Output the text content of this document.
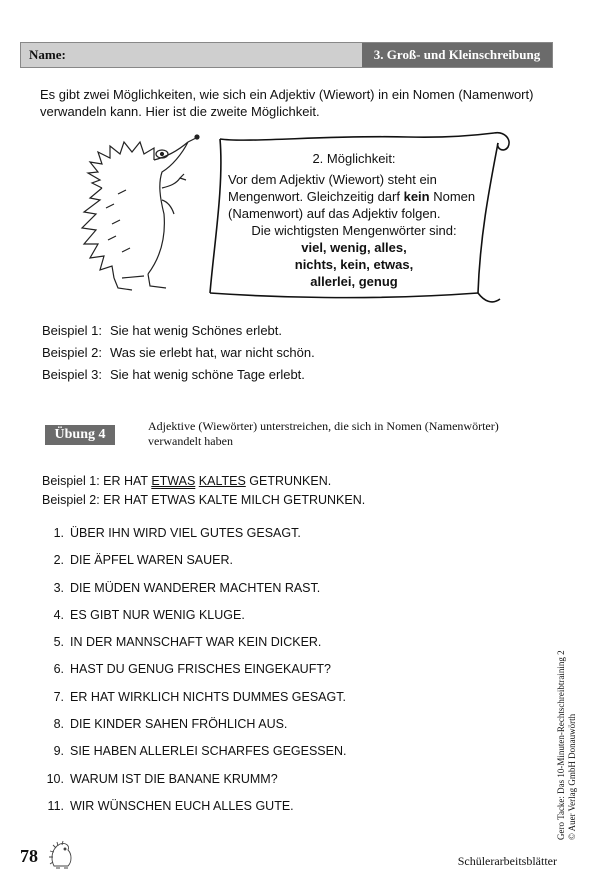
Name:	3. Groß- und Kleinschreibung
Es gibt zwei Möglichkeiten, wie sich ein Adjektiv (Wiewort) in ein Nomen (Namenwort) verwandeln kann. Hier ist die zweite Möglichkeit.
2. Möglichkeit:
Vor dem Adjektiv (Wiewort) steht ein Mengenwort. Gleichzeitig darf kein Nomen (Namenwort) auf das Adjektiv folgen.
Die wichtigsten Mengenwörter sind:
viel, wenig, alles,
nichts, kein, etwas,
allerlei, genug
Beispiel 1: Sie hat wenig Schönes erlebt.
Beispiel 2: Was sie erlebt hat, war nicht schön.
Beispiel 3: Sie hat wenig schöne Tage erlebt.
Übung 4
Adjektive (Wiewörter) unterstreichen, die sich in Nomen (Namenwörter) verwandelt haben
Beispiel 1: ER HAT ETWAS KALTES GETRUNKEN.
Beispiel 2: ER HAT ETWAS KALTE MILCH GETRUNKEN.
1. ÜBER IHN WIRD VIEL GUTES GESAGT.
2. DIE ÄPFEL WAREN SAUER.
3. DIE MÜDEN WANDERER MACHTEN RAST.
4. ES GIBT NUR WENIG KLUGE.
5. IN DER MANNSCHAFT WAR KEIN DICKER.
6. HAST DU GENUG FRISCHES EINGEKAUFT?
7. ER HAT WIRKLICH NICHTS DUMMES GESAGT.
8. DIE KINDER SAHEN FRÖHLICH AUS.
9. SIE HABEN ALLERLEI SCHARFES GEGESSEN.
10. WARUM IST DIE BANANE KRUMM?
11. WIR WÜNSCHEN EUCH ALLES GUTE.	Gero Tacke: Das 10-Minuten-Rechtschreibtraining 2 © Auer Verlag GmbH Donauwörth
78	Schülerarbeitsblätter
